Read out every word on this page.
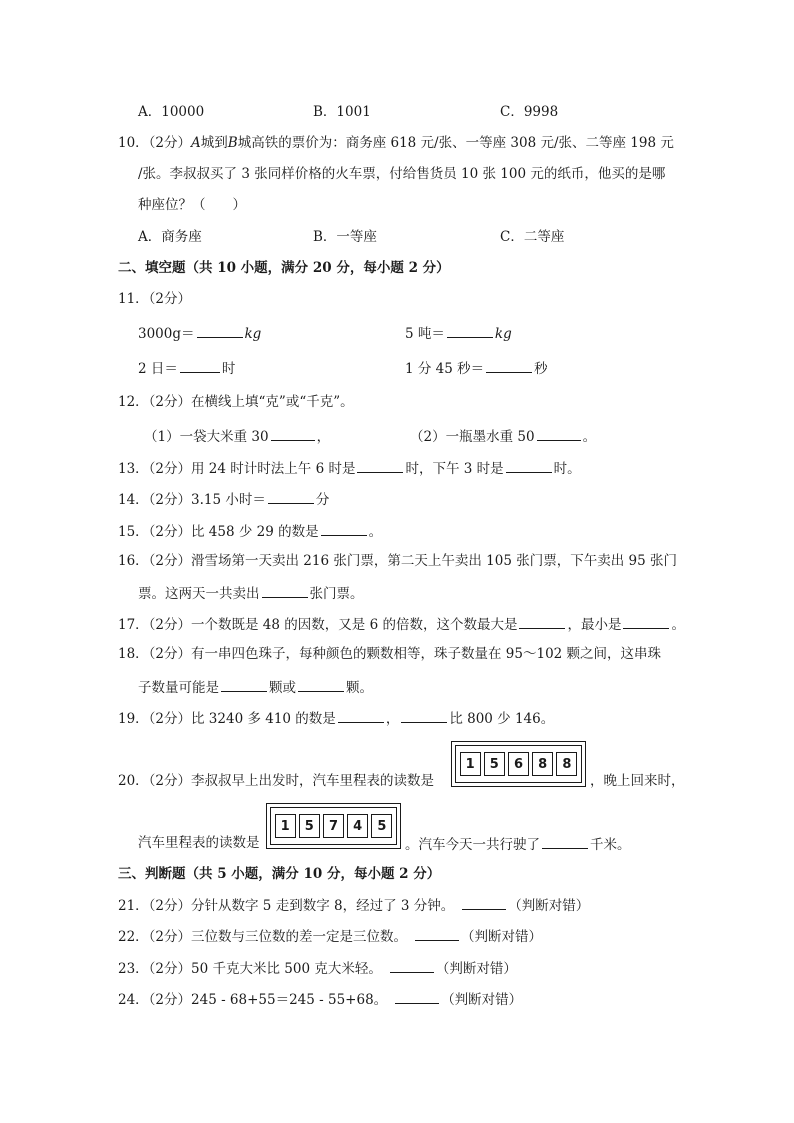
A．10000	B．1001	C．9998
10．（2分）A城到B城高铁的票价为：商务座 618 元/张、一等座 308 元/张、二等座 198 元
/张。李叔叔买了 3 张同样价格的火车票，付给售货员 10 张 100 元的纸币，他买的是哪
种座位？（　　）
A．商务座	B．一等座	C．二等座
二、填空题（共 10 小题，满分 20 分，每小题 2 分）
11．（2分）
3000g＝	kg	5 吨＝	kg
2 日＝	时	1 分 45 秒＝	秒
12．（2分）在横线上填“克”或“千克”。
（1）一袋大米重 30	，	（2）一瓶墨水重 50	。
13．（2分）用 24 时计时法上午 6 时是	时，下午 3 时是	时。
14．（2分）3.15 小时＝	分
15．（2分）比 458 少 29 的数是	。
16．（2分）滑雪场第一天卖出 216 张门票，第二天上午卖出 105 张门票，下午卖出 95 张门
票。这两天一共卖出	张门票。
17．（2分）一个数既是 48 的因数，又是 6 的倍数，这个数最大是	，最小是	。
18．（2分）有一串四色珠子，每种颜色的颗数相等，珠子数量在 95～102 颗之间，这串珠
子数量可能是	颗或	颗。
19．（2分）比 3240 多 410 的数是	，	比 800 少 146。
20．（2分）李叔叔早上出发时，汽车里程表的读数是
1	5	6	8	8
，晚上回来时，
汽车里程表的读数是
1	5	7	4	5
。汽车今天一共行驶了	千米。
三、判断题（共 5 小题，满分 10 分，每小题 2 分）
21．（2分）分针从数字 5 走到数字 8，经过了 3 分钟。	（判断对错）
22．（2分）三位数与三位数的差一定是三位数。	（判断对错）
23．（2分）50 千克大米比 500 克大米轻。	（判断对错）
24．（2分）245 - 68+55＝245 - 55+68。	（判断对错）
